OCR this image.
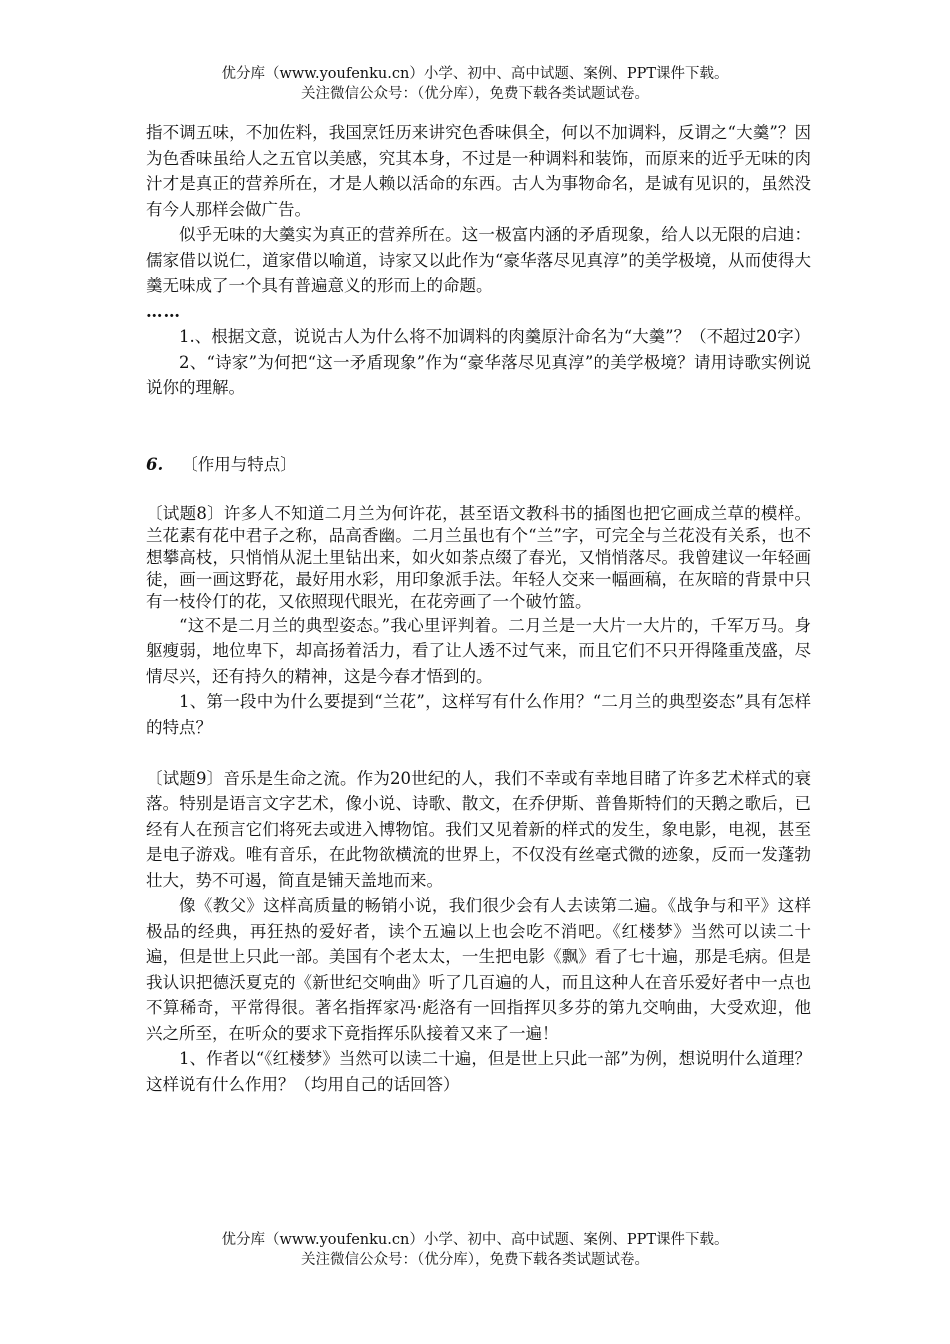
优分库（www.youfenku.cn）小学、初中、高中试题、案例、PPT课件下载。
关注微信公众号：（优分库），免费下载各类试题试卷。

指不调五味，不加佐料，我国烹饪历来讲究色香味俱全，何以不加调料，反谓之“大羹”？因为色香味虽给人之五官以美感，究其本身，不过是一种调料和装饰，而原来的近乎无味的肉汁才是真正的营养所在，才是人赖以活命的东西。古人为事物命名，是诚有见识的，虽然没有今人那样会做广告。

似乎无味的大羹实为真正的营养所在。这一极富内涵的矛盾现象，给人以无限的启迪：儒家借以说仁，道家借以喻道，诗家又以此作为“豪华落尽见真淳”的美学极境，从而使得大羹无味成了一个具有普遍意义的形而上的命题。

……

1.、根据文意，说说古人为什么将不加调料的肉羹原汁命名为“大羹”？（不超过20字）

2、“诗家”为何把“这一矛盾现象”作为“豪华落尽见真淳”的美学极境？请用诗歌实例说说你的理解。

6. 〔作用与特点〕

〔试题8〕许多人不知道二月兰为何许花，甚至语文教科书的插图也把它画成兰草的模样。兰花素有花中君子之称，品高香幽。二月兰虽也有个“兰”字，可完全与兰花没有关系，也不想攀高枝，只悄悄从泥土里钻出来，如火如荼点缀了春光，又悄悄落尽。我曾建议一年轻画徒，画一画这野花，最好用水彩，用印象派手法。年轻人交来一幅画稿，在灰暗的背景中只有一枝伶仃的花，又依照现代眼光，在花旁画了一个破竹篮。

“这不是二月兰的典型姿态。”我心里评判着。二月兰是一大片一大片的，千军万马。身躯瘦弱，地位卑下，却高扬着活力，看了让人透不过气来，而且它们不只开得隆重茂盛，尽情尽兴，还有持久的精神，这是今春才悟到的。

1、第一段中为什么要提到“兰花”，这样写有什么作用？“二月兰的典型姿态”具有怎样的特点？

〔试题9〕音乐是生命之流。作为20世纪的人，我们不幸或有幸地目睹了许多艺术样式的衰落。特别是语言文字艺术，像小说、诗歌、散文，在乔伊斯、普鲁斯特们的天鹅之歌后，已经有人在预言它们将死去或进入博物馆。我们又见着新的样式的发生，象电影，电视，甚至是电子游戏。唯有音乐，在此物欲横流的世界上，不仅没有丝毫式微的迹象，反而一发蓬勃壮大，势不可遏，简直是铺天盖地而来。

像《教父》这样高质量的畅销小说，我们很少会有人去读第二遍。《战争与和平》这样极品的经典，再狂热的爱好者，读个五遍以上也会吃不消吧。《红楼梦》当然可以读二十遍，但是世上只此一部。美国有个老太太，一生把电影《飘》看了七十遍，那是毛病。但是我认识把德沃夏克的《新世纪交响曲》听了几百遍的人，而且这种人在音乐爱好者中一点也不算稀奇，平常得很。著名指挥家冯·彪洛有一回指挥贝多芬的第九交响曲，大受欢迎，他兴之所至，在听众的要求下竟指挥乐队接着又来了一遍！

1、作者以“《红楼梦》当然可以读二十遍，但是世上只此一部”为例，想说明什么道理？这样说有什么作用？（均用自己的话回答）

优分库（www.youfenku.cn）小学、初中、高中试题、案例、PPT课件下载。
关注微信公众号：（优分库），免费下载各类试题试卷。
